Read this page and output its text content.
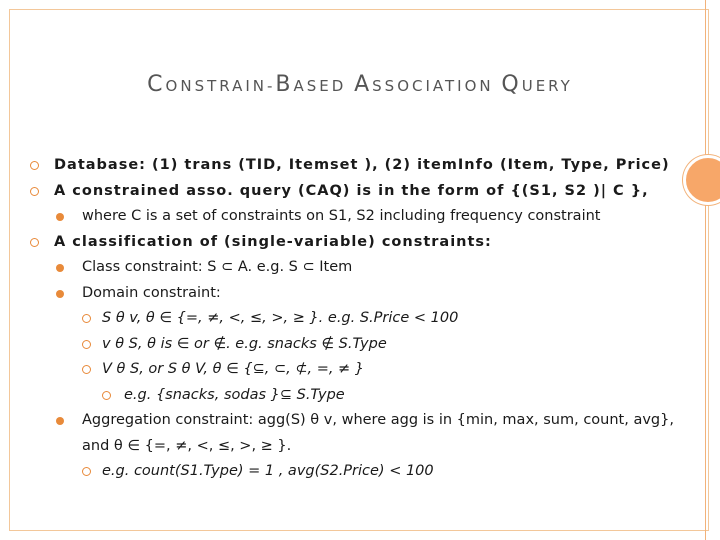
CONSTRAIN-BASED ASSOCIATION QUERY
Database: (1) trans (TID, Itemset ), (2) itemInfo (Item, Type, Price)
A constrained asso. query (CAQ) is in the form of {(S1, S2 )| C },
where C is a set of constraints on S1, S2 including frequency constraint
A classification of (single-variable) constraints:
Class constraint: S ⊂ A. e.g. S ⊂ Item
Domain constraint:
S θ v, θ ∈ {=, ≠, <, ≤, >, ≥ }. e.g. S.Price < 100
v θ S, θ is ∈ or ∉. e.g. snacks ∉ S.Type
V θ S, or S θ V, θ ∈ {⊆, ⊂, ⊄, =, ≠ }
e.g. {snacks, sodas }⊆ S.Type
Aggregation constraint: agg(S) θ v, where agg is in {min, max, sum, count, avg}, and θ ∈ {=, ≠, <, ≤, >, ≥ }.
e.g. count(S1.Type) = 1 , avg(S2.Price) < 100
